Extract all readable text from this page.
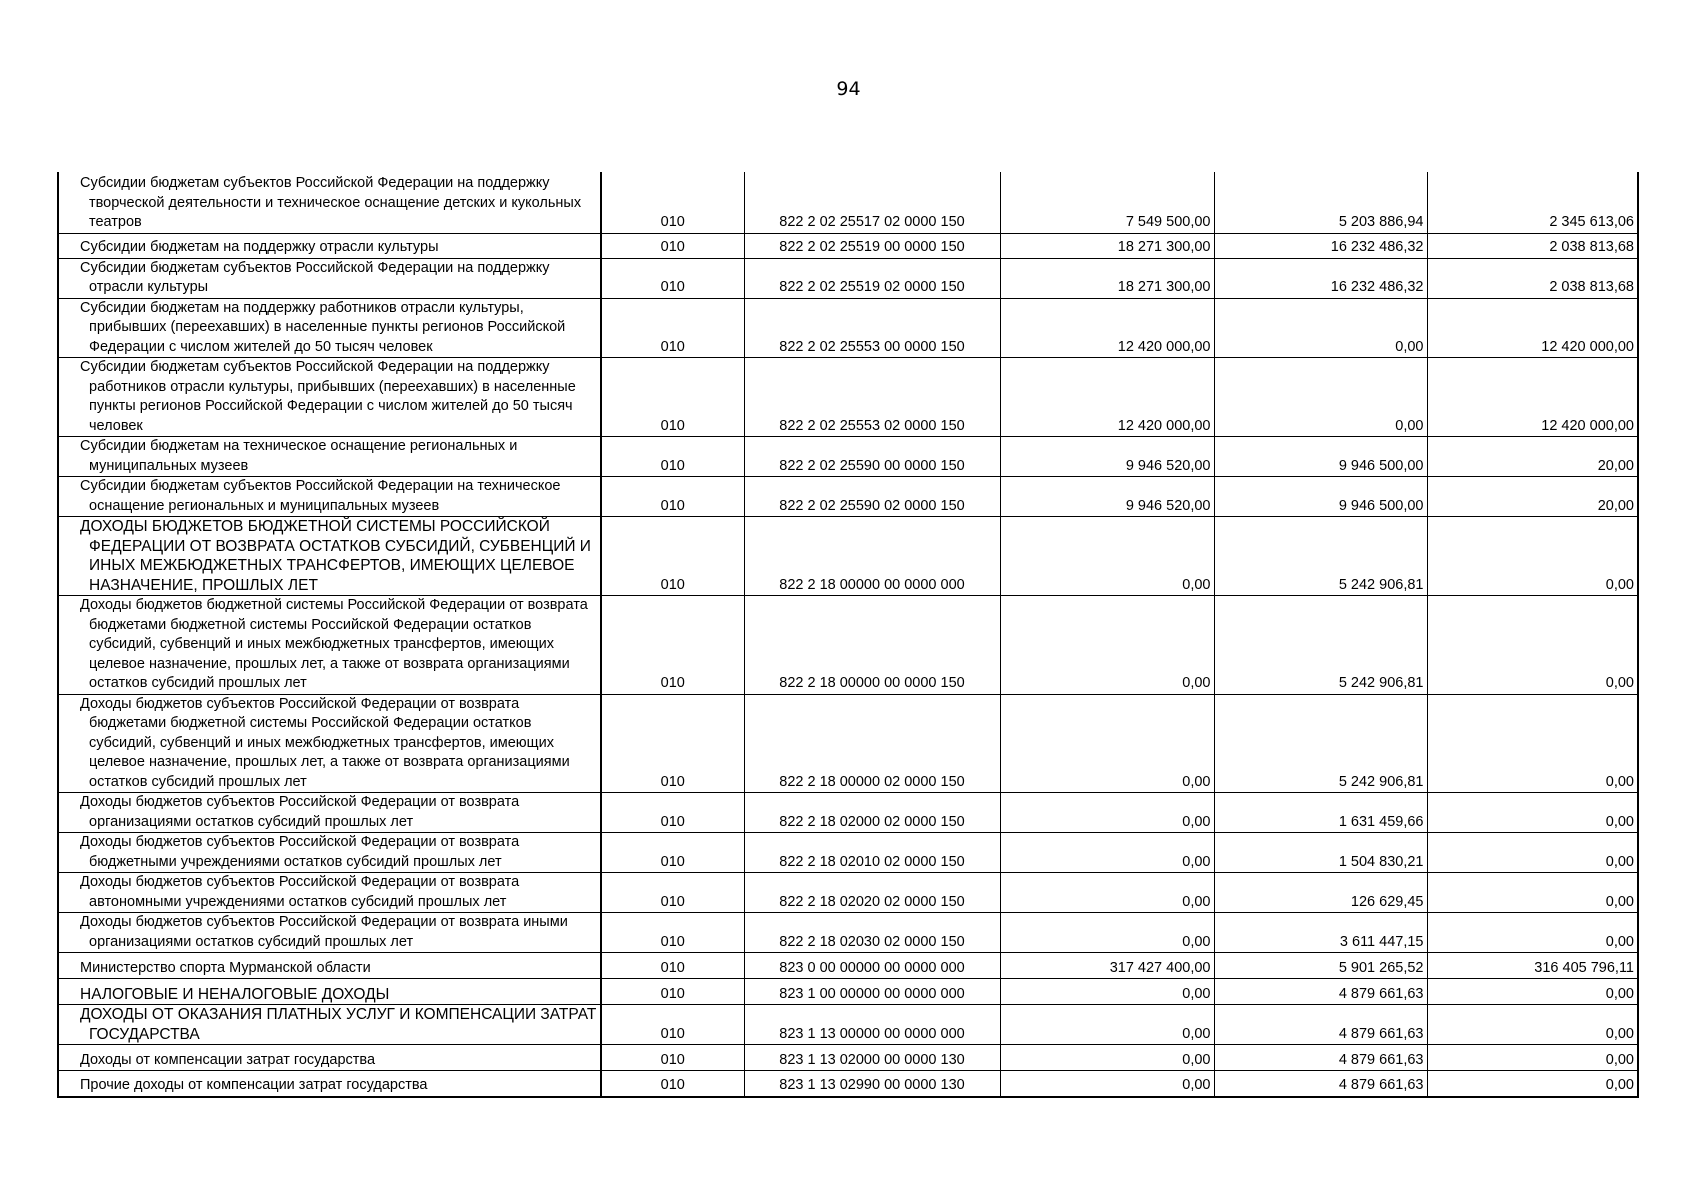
94
Субсидии бюджетам субъектов Российской Федерации на поддержку творческой деятельности и техническое оснащение детских и кукольных театров	010	822 2 02 25517 02 0000 150	7 549 500,00	5 203 886,94	2 345 613,06
Субсидии бюджетам на поддержку отрасли культуры	010	822 2 02 25519 00 0000 150	18 271 300,00	16 232 486,32	2 038 813,68
Субсидии бюджетам субъектов Российской Федерации на поддержку отрасли культуры	010	822 2 02 25519 02 0000 150	18 271 300,00	16 232 486,32	2 038 813,68
Субсидии бюджетам на поддержку работников отрасли культуры, прибывших (переехавших) в населенные пункты регионов Российской Федерации с числом жителей до 50 тысяч человек	010	822 2 02 25553 00 0000 150	12 420 000,00	0,00	12 420 000,00
Субсидии бюджетам субъектов Российской Федерации на поддержку работников отрасли культуры, прибывших (переехавших) в населенные пункты регионов Российской Федерации с числом жителей до 50 тысяч человек	010	822 2 02 25553 02 0000 150	12 420 000,00	0,00	12 420 000,00
Субсидии бюджетам на техническое оснащение региональных и муниципальных музеев	010	822 2 02 25590 00 0000 150	9 946 520,00	9 946 500,00	20,00
Субсидии бюджетам субъектов Российской Федерации на техническое оснащение региональных и муниципальных музеев	010	822 2 02 25590 02 0000 150	9 946 520,00	9 946 500,00	20,00
ДОХОДЫ БЮДЖЕТОВ БЮДЖЕТНОЙ СИСТЕМЫ РОССИЙСКОЙ ФЕДЕРАЦИИ ОТ ВОЗВРАТА ОСТАТКОВ СУБСИДИЙ, СУБВЕНЦИЙ И ИНЫХ МЕЖБЮДЖЕТНЫХ ТРАНСФЕРТОВ, ИМЕЮЩИХ ЦЕЛЕВОЕ НАЗНАЧЕНИЕ, ПРОШЛЫХ ЛЕТ	010	822 2 18 00000 00 0000 000	0,00	5 242 906,81	0,00
Доходы бюджетов бюджетной системы Российской Федерации от возврата бюджетами бюджетной системы Российской Федерации остатков субсидий, субвенций и иных межбюджетных трансфертов, имеющих целевое назначение, прошлых лет, а также от возврата организациями остатков субсидий прошлых лет	010	822 2 18 00000 00 0000 150	0,00	5 242 906,81	0,00
Доходы бюджетов субъектов Российской Федерации от возврата бюджетами бюджетной системы Российской Федерации остатков субсидий, субвенций и иных межбюджетных трансфертов, имеющих целевое назначение, прошлых лет, а также от возврата организациями остатков субсидий прошлых лет	010	822 2 18 00000 02 0000 150	0,00	5 242 906,81	0,00
Доходы бюджетов субъектов Российской Федерации от возврата организациями остатков субсидий прошлых лет	010	822 2 18 02000 02 0000 150	0,00	1 631 459,66	0,00
Доходы бюджетов субъектов Российской Федерации от возврата бюджетными учреждениями остатков субсидий прошлых лет	010	822 2 18 02010 02 0000 150	0,00	1 504 830,21	0,00
Доходы бюджетов субъектов Российской Федерации от возврата автономными учреждениями остатков субсидий прошлых лет	010	822 2 18 02020 02 0000 150	0,00	126 629,45	0,00
Доходы бюджетов субъектов Российской Федерации от возврата иными организациями остатков субсидий прошлых лет	010	822 2 18 02030 02 0000 150	0,00	3 611 447,15	0,00
Министерство спорта Мурманской области	010	823 0 00 00000 00 0000 000	317 427 400,00	5 901 265,52	316 405 796,11
НАЛОГОВЫЕ И НЕНАЛОГОВЫЕ ДОХОДЫ	010	823 1 00 00000 00 0000 000	0,00	4 879 661,63	0,00
ДОХОДЫ ОТ ОКАЗАНИЯ ПЛАТНЫХ УСЛУГ И КОМПЕНСАЦИИ ЗАТРАТ ГОСУДАРСТВА	010	823 1 13 00000 00 0000 000	0,00	4 879 661,63	0,00
Доходы от компенсации затрат государства	010	823 1 13 02000 00 0000 130	0,00	4 879 661,63	0,00
Прочие доходы от компенсации затрат государства	010	823 1 13 02990 00 0000 130	0,00	4 879 661,63	0,00
